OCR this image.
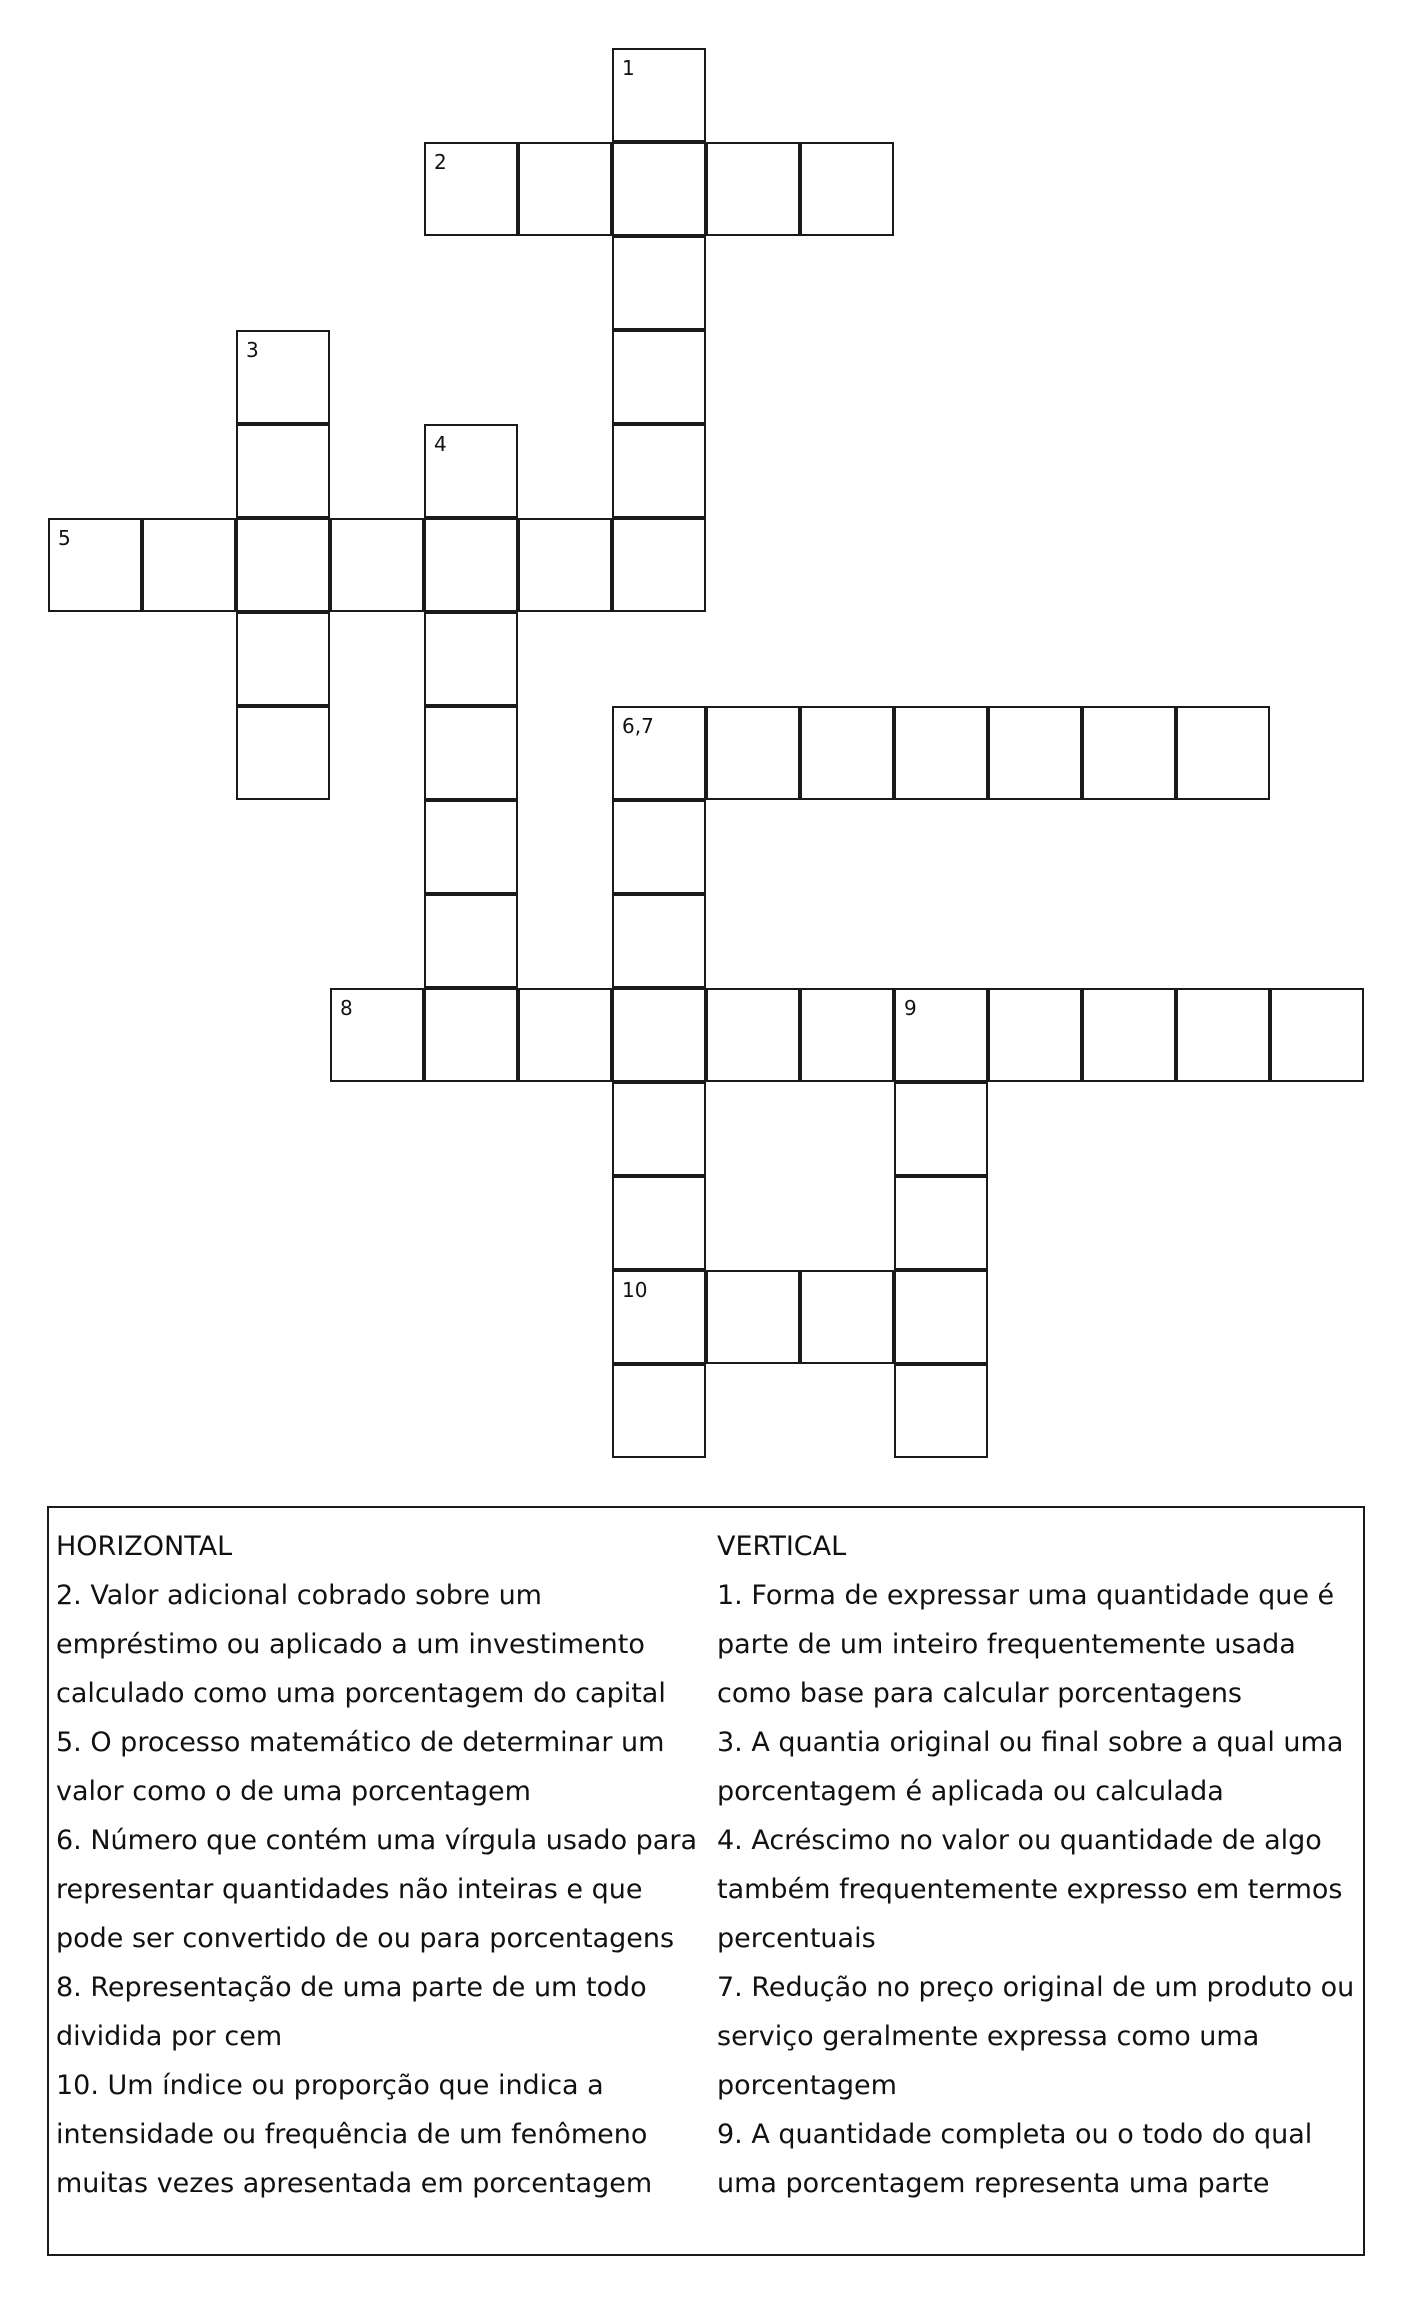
1
2
3
4
5
6,7
10
8	9
HORIZONTAL
2. Valor adicional cobrado sobre um empréstimo ou aplicado a um investimento calculado como uma porcentagem do capital
5. O processo matemático de determinar um valor como o de uma porcentagem
6. Número que contém uma vírgula usado para representar quantidades não inteiras e que pode ser convertido de ou para porcentagens
8. Representação de uma parte de um todo dividida por cem
10. Um índice ou proporção que indica a intensidade ou frequência de um fenômeno muitas vezes apresentada em porcentagem
VERTICAL
1. Forma de expressar uma quantidade que é parte de um inteiro frequentemente usada como base para calcular porcentagens
3. A quantia original ou final sobre a qual uma porcentagem é aplicada ou calculada
4. Acréscimo no valor ou quantidade de algo também frequentemente expresso em termos percentuais
7. Redução no preço original de um produto ou serviço geralmente expressa como uma porcentagem
9. A quantidade completa ou o todo do qual uma porcentagem representa uma parte
